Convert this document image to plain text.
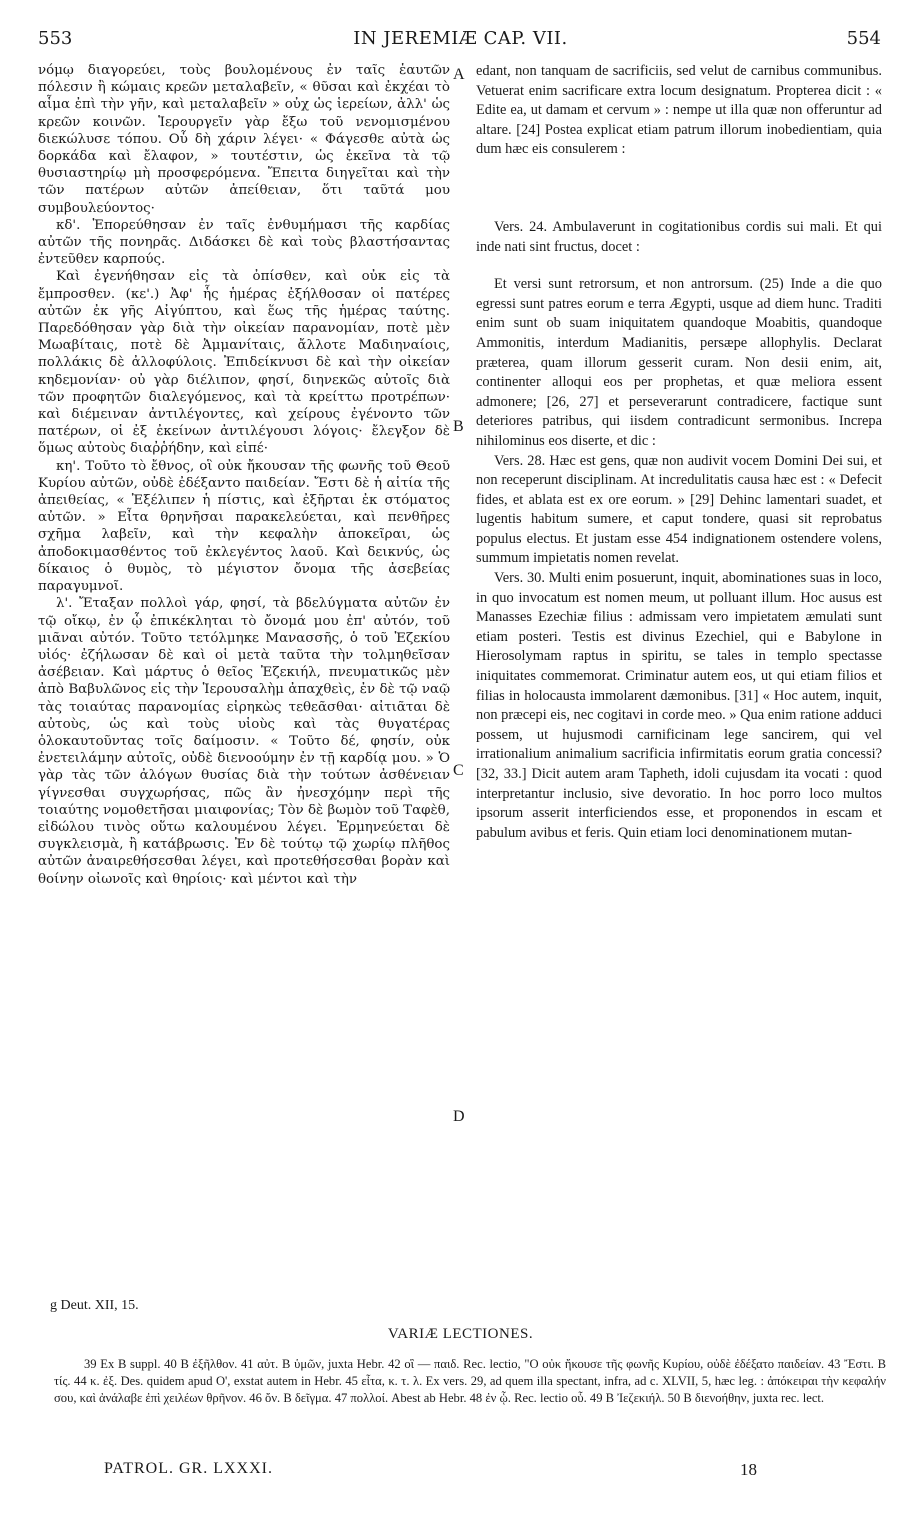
553	IN JEREMIÆ CAP. VII.	554

νόμῳ διαγορεύει, τοὺς βουλομένους ἐν ταῖς ἑαυτῶν πόλεσιν ἢ κώμαις κρεῶν μεταλαβεῖν, « θῦσαι καὶ ἐκχέαι τὸ αἷμα ἐπὶ τὴν γῆν, καὶ μεταλαβεῖν » οὐχ ὡς ἱερείων, ἀλλ' ὡς κρεῶν κοινῶν. Ἱερουργεῖν γὰρ ἔξω τοῦ νενομισμένου διεκώλυσε τόπου. Οὗ δὴ χάριν λέγει· « Φάγεσθε αὐτὰ ὡς δορκάδα καὶ ἔλαφον, » τουτέστιν, ὡς ἐκεῖνα τὰ τῷ θυσιαστηρίῳ μὴ προσφερόμενα. Ἔπειτα διηγεῖται καὶ τὴν τῶν πατέρων αὐτῶν ἀπείθειαν, ὅτι ταῦτά μου συμβουλεύοντος·

κδ'. Ἐπορεύθησαν ἐν ταῖς ἐνθυμήμασι τῆς καρδίας αὐτῶν τῆς πονηρᾶς. Διδάσκει δὲ καὶ τοὺς βλαστήσαντας ἐντεῦθεν καρπούς.

Καὶ ἐγενήθησαν εἰς τὰ ὀπίσθεν, καὶ οὐκ εἰς τὰ ἔμπροσθεν. (κε'.) Ἀφ' ἧς ἡμέρας ἐξήλθοσαν οἱ πατέρες αὐτῶν ἐκ γῆς Αἰγύπτου, καὶ ἕως τῆς ἡμέρας ταύτης. Παρεδόθησαν γὰρ διὰ τὴν οἰκείαν παρανομίαν, ποτὲ μὲν Μωαβίταις, ποτὲ δὲ Ἀμμανίταις, ἄλλοτε Μαδιηναίοις, πολλάκις δὲ ἀλλοφύλοις. Ἐπιδείκνυσι δὲ καὶ τὴν οἰκείαν κηδεμονίαν· οὐ γὰρ διέλιπον, φησί, διηνεκῶς αὐτοῖς διὰ τῶν προφητῶν διαλεγόμενος, καὶ τὰ κρείττω προτρέπων· καὶ διέμειναν ἀντιλέγοντες, καὶ χείρους ἐγένοντο τῶν πατέρων, οἱ ἐξ ἐκείνων ἀντιλέγουσι λόγοις· ἔλεγξον δὲ ὅμως αὐτοὺς διαῤῥήδην, καὶ εἰπέ·

κη'. Τοῦτο τὸ ἔθνος, οἳ οὐκ ἤκουσαν τῆς φωνῆς τοῦ Θεοῦ Κυρίου αὐτῶν, οὐδὲ ἐδέξαντο παιδείαν. Ἔστι δὲ ἡ αἰτία τῆς ἀπειθείας, « Ἐξέλιπεν ἡ πίστις, καὶ ἐξῆρται ἐκ στόματος αὐτῶν. » Εἶτα θρηνῆσαι παρακελεύεται, καὶ πενθῆρες σχῆμα λαβεῖν, καὶ τὴν κεφαλὴν ἀποκεῖραι, ὡς ἀποδοκιμασθέντος τοῦ ἐκλεγέντος λαοῦ. Καὶ δεικνύς, ὡς δίκαιος ὁ θυμὸς, τὸ μέγιστον ὄνομα τῆς ἀσεβείας παραγυμνοῖ.

λ'. Ἔταξαν πολλοὶ γάρ, φησί, τὰ βδελύγματα αὐτῶν ἐν τῷ οἴκῳ, ἐν ᾧ ἐπικέκληται τὸ ὄνομά μου ἐπ' αὐτόν, τοῦ μιᾶναι αὐτόν. Τοῦτο τετόλμηκε Μανασσῆς, ὁ τοῦ Ἐζεκίου υἱός· ἐζήλωσαν δὲ καὶ οἱ μετὰ ταῦτα τὴν τολμηθεῖσαν ἀσέβειαν. Καὶ μάρτυς ὁ θεῖος Ἐζεκιήλ, πνευματικῶς μὲν ἀπὸ Βαβυλῶνος εἰς τὴν Ἱερουσαλὴμ ἀπαχθεὶς, ἐν δὲ τῷ ναῷ τὰς τοιαύτας παρανομίας εἰρηκὼς τεθεᾶσθαι· αἰτιᾶται δὲ αὐτοὺς, ὡς καὶ τοὺς υἱοὺς καὶ τὰς θυγατέρας ὁλοκαυτοῦντας τοῖς δαίμοσιν. « Τοῦτο δέ, φησίν, οὐκ ἐνετειλάμην αὐτοῖς, οὐδὲ διενοούμην ἐν τῇ καρδίᾳ μου. » Ὁ γὰρ τὰς τῶν ἀλόγων θυσίας διὰ τὴν τούτων ἀσθένειαν γίγνεσθαι συγχωρήσας, πῶς ἂν ἠνεσχόμην περὶ τῆς τοιαύτης νομοθετῆσαι μιαιφονίας; Τὸν δὲ βωμὸν τοῦ Ταφὲθ, εἰδώλου τινὸς οὕτω καλουμένου λέγει. Ἑρμηνεύεται δὲ συγκλεισμὰ, ἢ κατάβρωσις. Ἐν δὲ τούτῳ τῷ χωρίῳ πλῆθος αὐτῶν ἀναιρεθήσεσθαι λέγει, καὶ προτεθήσεσθαι βορὰν καὶ θοίνην οἰωνοῖς καὶ θηρίοις· καὶ μέντοι καὶ τὴν

A
B
C
D

edant, non tanquam de sacrificiis, sed velut de carnibus communibus. Vetuerat enim sacrificare extra locum designatum. Propterea dicit : « Edite ea, ut damam et cervum » : nempe ut illa quæ non offeruntur ad altare. [24] Postea explicat etiam patrum illorum inobedientiam, quia dum hæc eis consulerem :

Vers. 24. Ambulaverunt in cogitationibus cordis sui mali. Et qui inde nati sint fructus, docet :

Et versi sunt retrorsum, et non antrorsum. (25) Inde a die quo egressi sunt patres eorum e terra Ægypti, usque ad diem hunc. Traditi enim sunt ob suam iniquitatem quandoque Moabitis, quandoque Ammonitis, interdum Madianitis, persæpe allophylis. Declarat præterea, quam illorum gesserit curam. Non desii enim, ait, continenter alloqui eos per prophetas, et quæ meliora essent admonere; [26, 27] et perseverarunt contradicere, factique sunt deteriores patribus, qui iisdem contradicunt sermonibus. Increpa nihilominus eos diserte, et dic :

Vers. 28. Hæc est gens, quæ non audivit vocem Domini Dei sui, et non receperunt disciplinam. At incredulitatis causa hæc est : « Defecit fides, et ablata est ex ore eorum. » [29] Dehinc lamentari suadet, et lugentis habitum sumere, et caput tondere, quasi sit reprobatus populus electus. Et justam esse 454 indignationem ostendere volens, summum impietatis nomen revelat.

Vers. 30. Multi enim posuerunt, inquit, abominationes suas in loco, in quo invocatum est nomen meum, ut polluant illum. Hoc ausus est Manasses Ezechiæ filius : admissam vero impietatem æmulati sunt etiam posteri. Testis est divinus Ezechiel, qui e Babylone in Hierosolymam raptus in spiritu, se tales in templo spectasse iniquitates commemorat. Criminatur autem eos, ut qui etiam filios et filias in holocausta immolarent dæmonibus. [31] « Hoc autem, inquit, non præcepi eis, nec cogitavi in corde meo. » Qua enim ratione adduci possem, ut hujusmodi carnificinam lege sancirem, qui vel irrationalium animalium sacrificia infirmitatis eorum gratia concessi? [32, 33.] Dicit autem aram Tapheth, idoli cujusdam ita vocati : quod interpretantur inclusio, sive devoratio. In hoc porro loco multos ipsorum asserit interficiendos esse, et proponendos in escam et pabulum avibus et feris. Quin etiam loci denominationem mutan-

g Deut. XII, 15.
VARIÆ LECTIONES.

39 Ex B suppl. 40 B ἐξῆλθον. 41 αὐτ. B ὑμῶν, juxta Hebr. 42 οἳ — παιδ. Rec. lectio, "Ο οὐκ ἤκουσε τῆς φωνῆς Κυρίου, οὐδὲ ἐδέξατο παιδείαν. 43 Ἔστι. B τίς. 44 κ. ἐξ. Des. quidem apud O', exstat autem in Hebr. 45 εἶτα, κ. τ. λ. Ex vers. 29, ad quem illa spectant, infra, ad c. XLVII, 5, hæc leg. : ἀπόκειραι τὴν κεφαλήν σου, καὶ ἀνάλαβε ἐπὶ χειλέων θρῆνον. 46 ὄν. B δεῖγμα. 47 πολλοί. Abest ab Hebr. 48 ἐν ᾧ. Rec. lectio οὗ. 49 B Ἰεζεκιήλ. 50 B διενοήθην, juxta rec. lect.

PATROL. GR. LXXXI.	18
